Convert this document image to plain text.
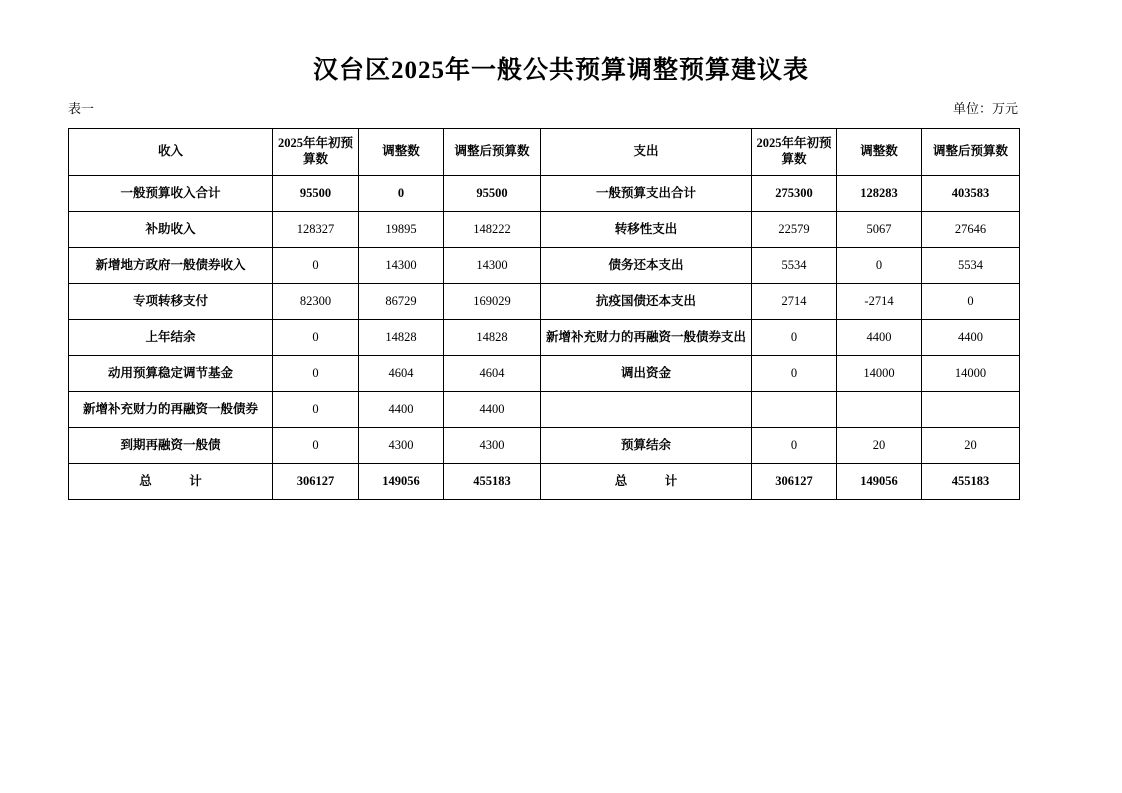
汉台区2025年一般公共预算调整预算建议表
表一	单位：万元
收入	2025年年初预算数	调整数	调整后预算数	支出	2025年年初预算数	调整数	调整后预算数
一般预算收入合计	95500	0	95500	一般预算支出合计	275300	128283	403583
补助收入	128327	19895	148222	转移性支出	22579	5067	27646
新增地方政府一般债券收入	0	14300	14300	债务还本支出	5534	0	5534
专项转移支付	82300	86729	169029	抗疫国债还本支出	2714	-2714	0
上年结余	0	14828	14828	新增补充财力的再融资一般债券支出	0	4400	4400
动用预算稳定调节基金	0	4604	4604	调出资金	0	14000	14000
新增补充财力的再融资一般债券	0	4400	4400				
到期再融资一般债	0	4300	4300	预算结余	0	20	20
总　　　计	306127	149056	455183	总　　　计	306127	149056	455183
